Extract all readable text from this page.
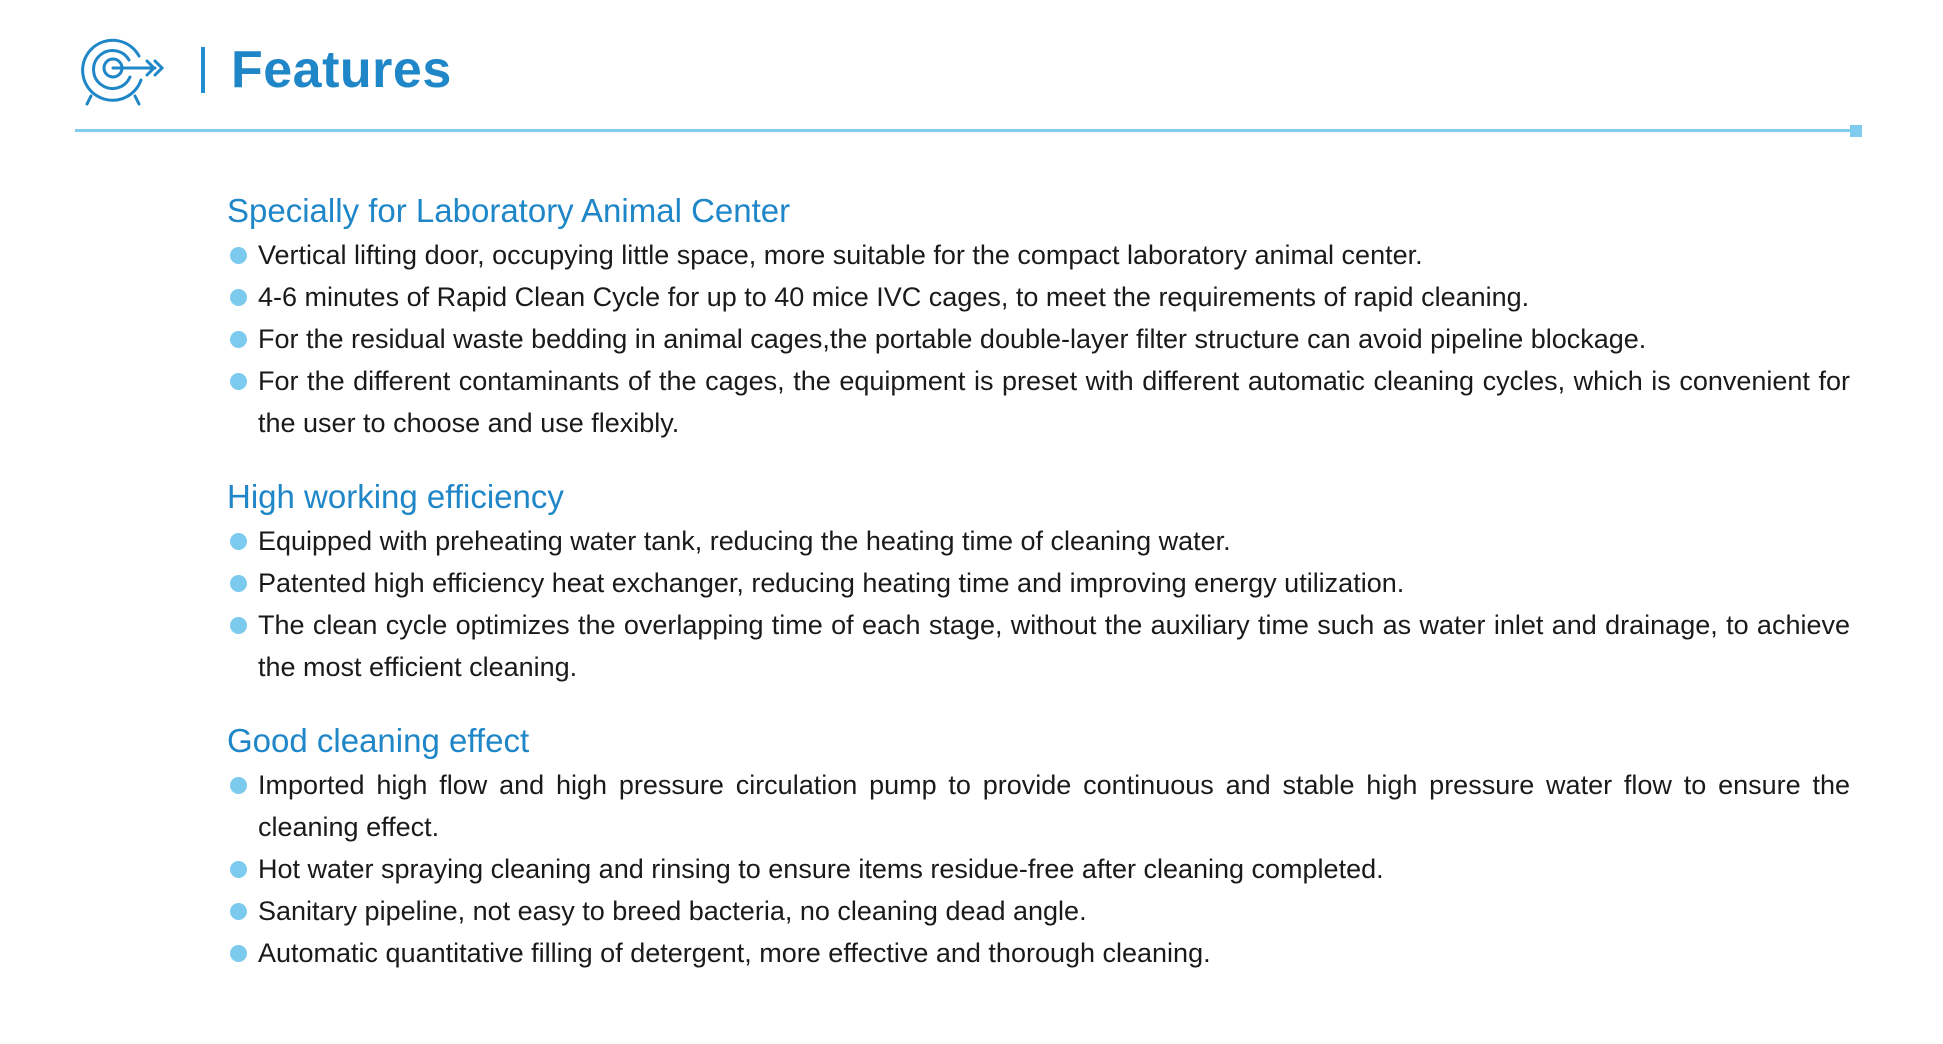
Features
Specially for Laboratory Animal Center
Vertical lifting door, occupying little space, more suitable for the compact laboratory animal center.
4-6 minutes of Rapid Clean Cycle for up to 40 mice IVC cages, to meet the requirements of rapid cleaning.
For the residual waste bedding in animal cages,the portable double-layer filter structure can avoid pipeline blockage.
For the different contaminants of the cages, the equipment is preset with different automatic cleaning cycles, which is convenient for the user to choose and use flexibly.
High working efficiency
Equipped with preheating water tank, reducing the heating time of cleaning water.
Patented high efficiency heat exchanger, reducing heating time and improving energy utilization.
The clean cycle optimizes the overlapping time of each stage, without the auxiliary time such as water inlet and drainage, to achieve the most efficient cleaning.
Good cleaning effect
Imported high flow and high pressure circulation pump to provide continuous and stable high pressure water flow to ensure the cleaning effect.
Hot water spraying cleaning and rinsing to ensure items residue-free after cleaning completed.
Sanitary pipeline, not easy to breed bacteria, no cleaning dead angle.
Automatic quantitative filling of detergent, more effective and thorough cleaning.
